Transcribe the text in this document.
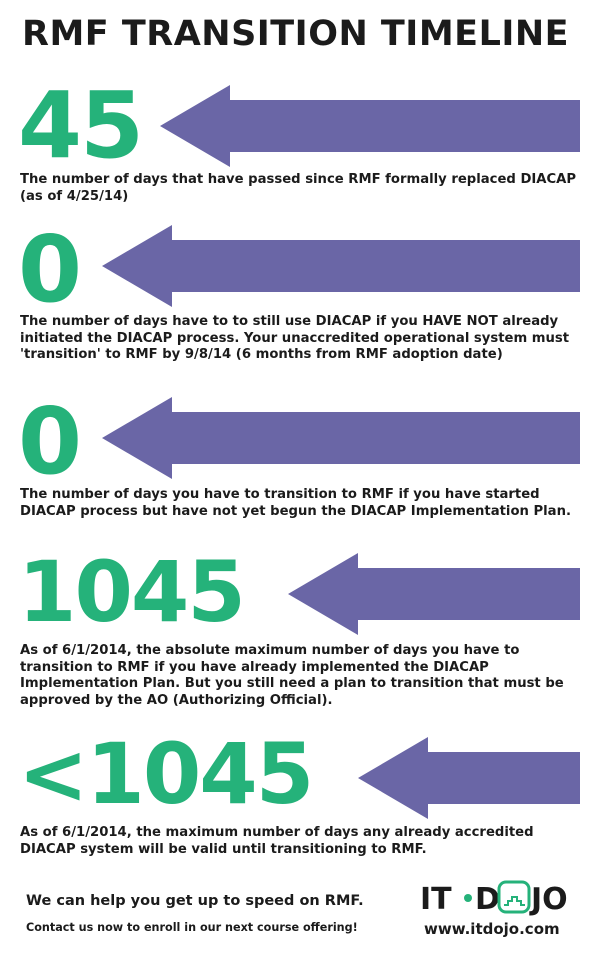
RMF TRANSITION TIMELINE
45
The number of days that have passed since RMF formally replaced DIACAP (as of 4/25/14)
0
The number of days have to to still use DIACAP if you HAVE NOT already initiated the DIACAP process. Your unaccredited operational system must 'transition' to RMF by 9/8/14 (6 months from RMF adoption date)
0
The number of days you have to transition to RMF if you have started DIACAP process but have not yet begun the DIACAP Implementation Plan.
1045
As of 6/1/2014, the absolute maximum number of days you have to transition to RMF if you have already implemented the DIACAP Implementation Plan. But you still need a plan to transition that must be approved by the AO (Authorizing Official).
<1045
As of 6/1/2014, the maximum number of days any already accredited DIACAP system will be valid until transitioning to RMF.
We can help you get up to speed on RMF.
Contact us now to enroll in our next course offering!
IT D JO
www.itdojo.com
